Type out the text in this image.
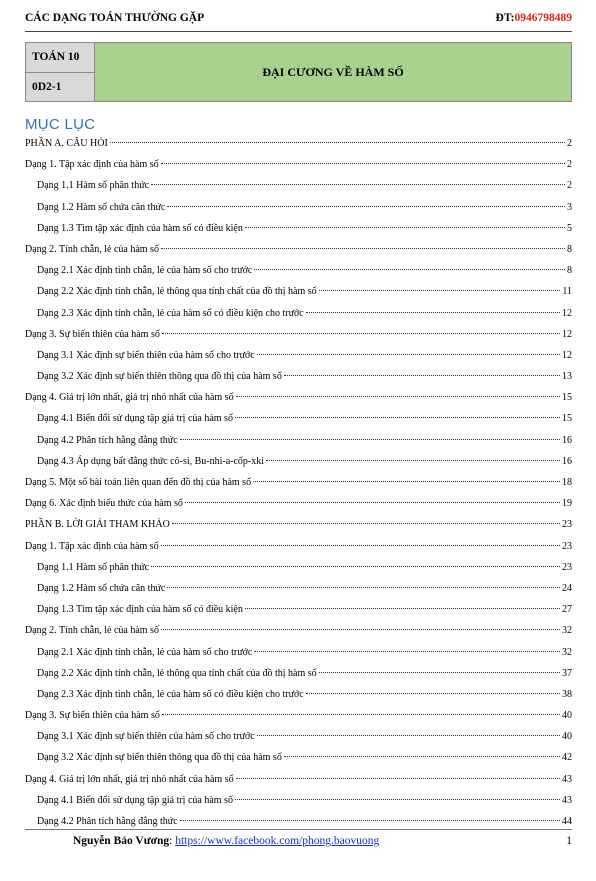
CÁC DẠNG TOÁN THƯỜNG GẶP	ĐT:0946798489
TOÁN 10
0D2-1
ĐẠI CƯƠNG VỀ HÀM SỐ
MỤC LỤC
PHẦN A. CÂU HỎI	2
Dạng 1. Tập xác định của hàm số	2
Dạng 1.1 Hàm số phân thức	2
Dạng 1.2 Hàm số chứa căn thức	3
Dạng 1.3 Tìm tập xác định của hàm số có điều kiện	5
Dạng 2. Tính chẵn, lẻ của hàm số	8
Dạng 2.1 Xác định tính chẵn, lẻ của hàm số cho trước	8
Dạng 2.2 Xác định tính chẵn, lẻ thông qua tính chất của đồ thị hàm số	11
Dạng 2.3 Xác định tính chẵn, lẻ của hàm số có điều kiện cho trước	12
Dạng 3. Sự biến thiên của hàm số	12
Dạng 3.1 Xác định sự biến thiên của hàm số cho trước	12
Dạng 3.2 Xác định sự biến thiên thông qua đồ thị của hàm số	13
Dạng 4. Giá trị lớn nhất, giá trị nhỏ nhất của hàm số	15
Dạng 4.1 Biến đổi sử dụng tập giá trị của hàm số	15
Dạng 4.2 Phân tích hằng đẳng thức	16
Dạng 4.3 Áp dụng bất đẳng thức cô-si, Bu-nhi-a-cốp-xki	16
Dạng 5. Một số bài toán liên quan đến đồ thị của hàm số	18
Dạng 6. Xác định biểu thức của hàm số	19
PHẦN B. LỜI GIẢI THAM KHẢO	23
Dạng 1. Tập xác định của hàm số	23
Dạng 1.1 Hàm số phân thức	23
Dạng 1.2 Hàm số chứa căn thức	24
Dạng 1.3 Tìm tập xác định của hàm số có điều kiện	27
Dạng 2. Tính chẵn, lẻ của hàm số	32
Dạng 2.1 Xác định tính chẵn, lẻ của hàm số cho trước	32
Dạng 2.2 Xác định tính chẵn, lẻ thông qua tính chất của đồ thị hàm số	37
Dạng 2.3 Xác định tính chẵn, lẻ của hàm số có điều kiện cho trước	38
Dạng 3. Sự biến thiên của hàm số	40
Dạng 3.1 Xác định sự biến thiên của hàm số cho trước	40
Dạng 3.2 Xác định sự biến thiên thông qua đồ thị của hàm số	42
Dạng 4. Giá trị lớn nhất, giá trị nhỏ nhất của hàm số	43
Dạng 4.1 Biến đổi sử dụng tập giá trị của hàm số	43
Dạng 4.2 Phân tích hằng đẳng thức	44
Nguyễn Bảo Vương: https://www.facebook.com/phong.baovuong	1
